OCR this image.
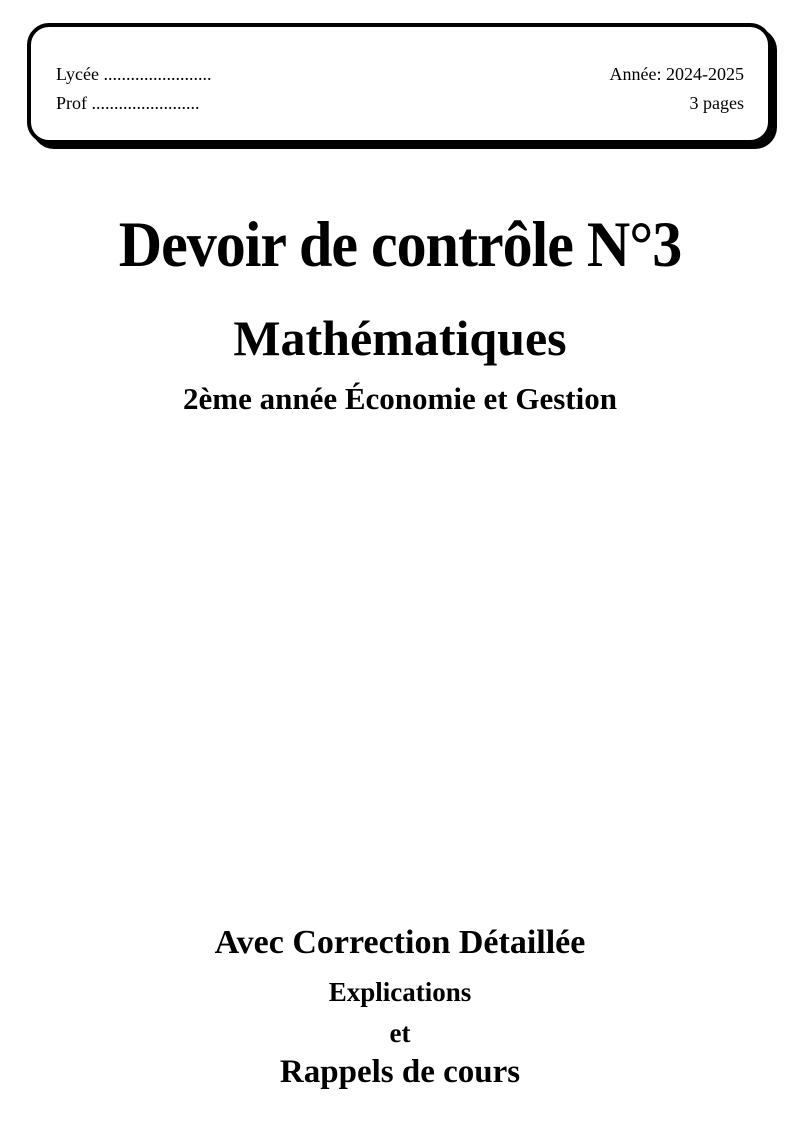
Lycée ........................
Prof ........................
Année: 2024-2025
3 pages
Devoir de contrôle N°3
Mathématiques
2ème année Économie et Gestion
Avec Correction Détaillée
Explications
et
Rappels de cours
